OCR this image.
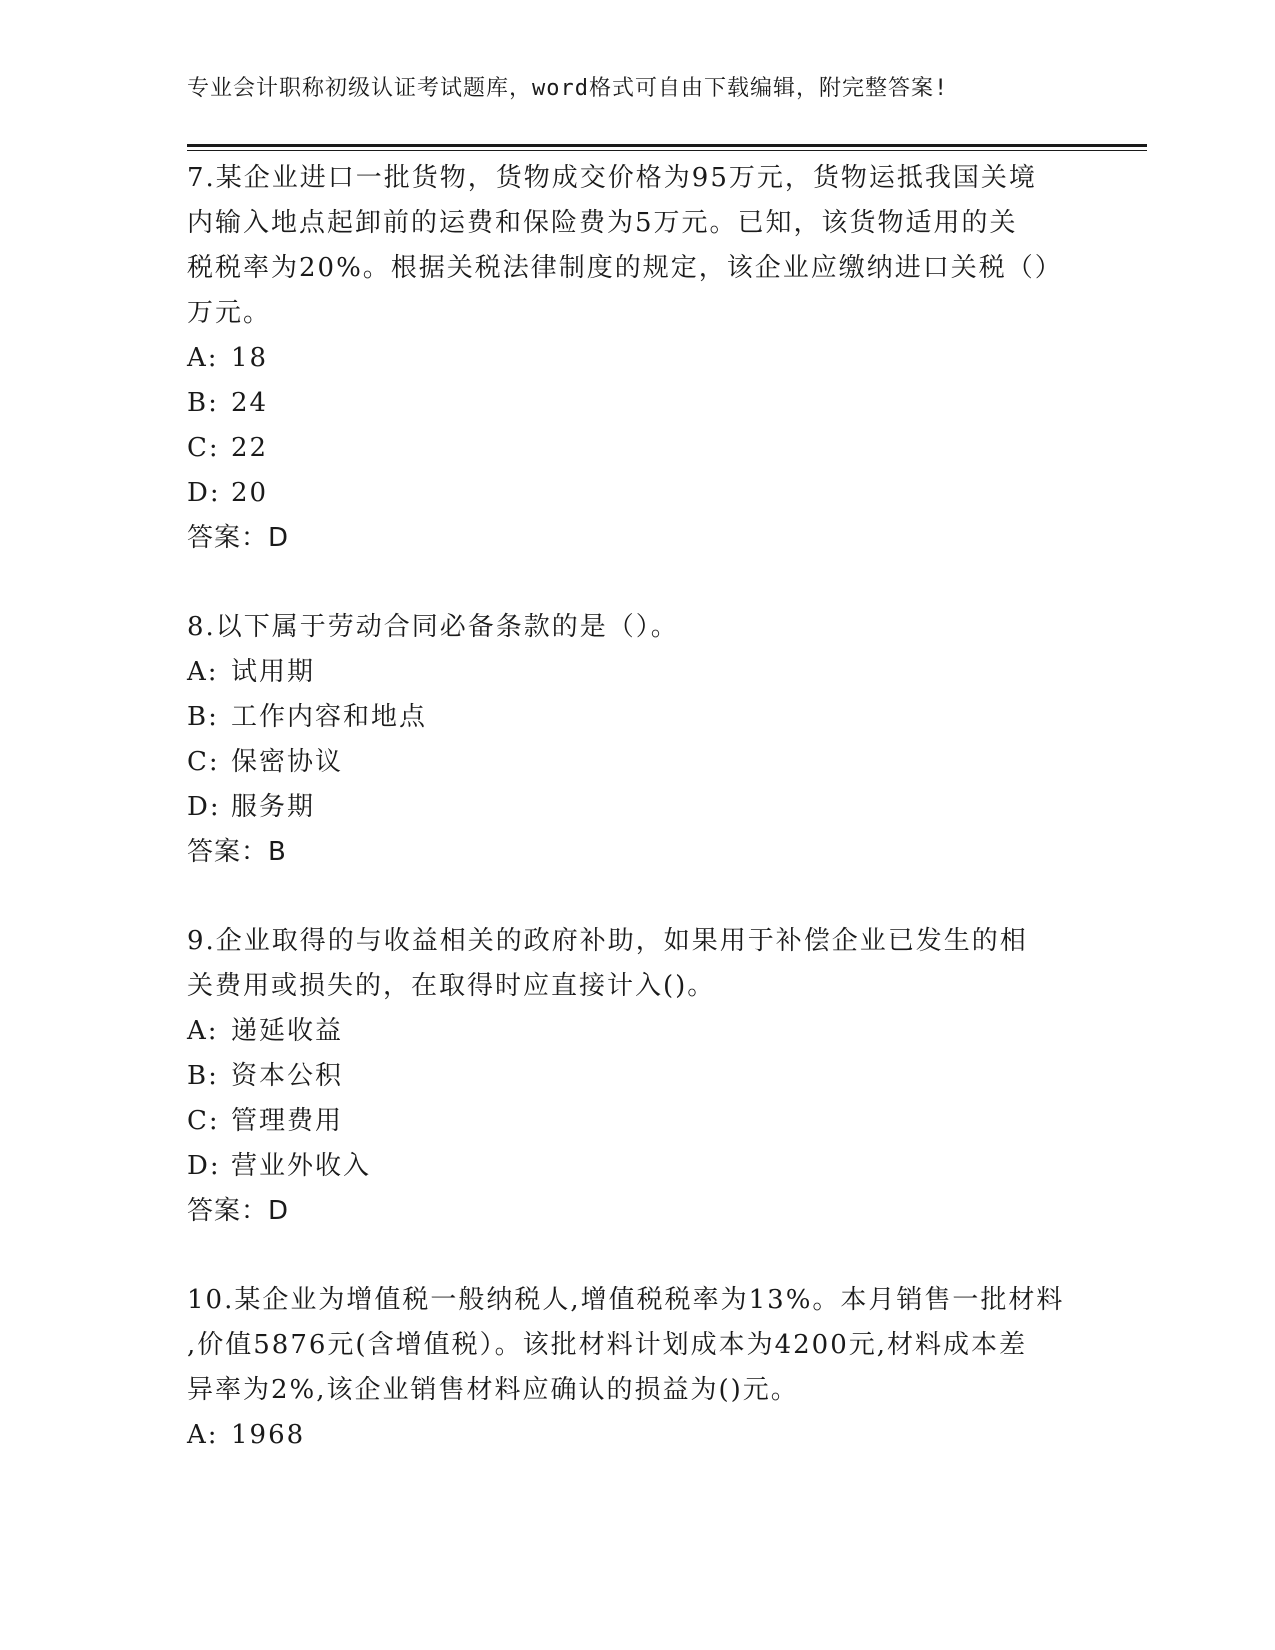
专业会计职称初级认证考试题库，word格式可自由下载编辑，附完整答案!
7.某企业进口一批货物，货物成交价格为95万元，货物运抵我国关境
内输入地点起卸前的运费和保险费为5万元。已知，该货物适用的关
税税率为20%。根据关税法律制度的规定，该企业应缴纳进口关税（）
万元。
A: 18
B: 24
C: 22
D: 20
答案：D
8.以下属于劳动合同必备条款的是（）。
A: 试用期
B: 工作内容和地点
C: 保密协议
D: 服务期
答案：B
9.企业取得的与收益相关的政府补助，如果用于补偿企业已发生的相
关费用或损失的，在取得时应直接计入()。
A: 递延收益
B: 资本公积
C: 管理费用
D: 营业外收入
答案：D
10.某企业为增值税一般纳税人,增值税税率为13%。本月销售一批材料
,价值5876元(含增值税）。该批材料计划成本为4200元,材料成本差
异率为2%,该企业销售材料应确认的损益为()元。
A: 1968
